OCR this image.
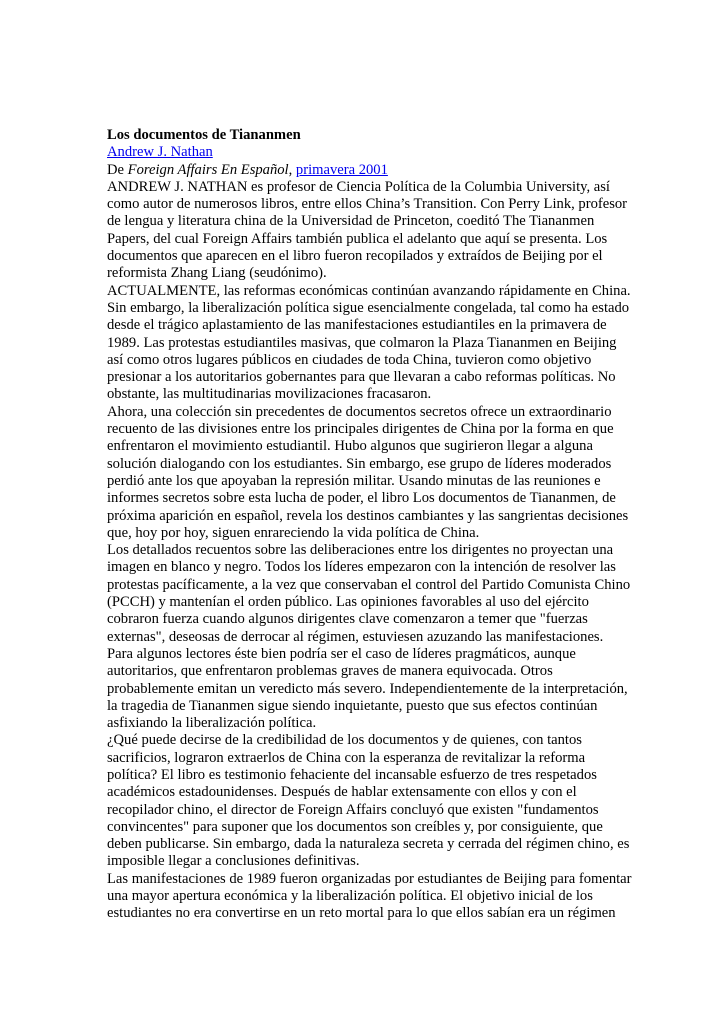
Los documentos de Tiananmen

Andrew J. Nathan

De Foreign Affairs En Español, primavera 2001

ANDREW J. NATHAN es profesor de Ciencia Política de la Columbia University, así
como autor de numerosos libros, entre ellos China’s Transition. Con Perry Link, profesor
de lengua y literatura china de la Universidad de Princeton, coeditó The Tiananmen
Papers, del cual Foreign Affairs también publica el adelanto que aquí se presenta. Los
documentos que aparecen en el libro fueron recopilados y extraídos de Beijing por el
reformista Zhang Liang (seudónimo).

ACTUALMENTE, las reformas económicas continúan avanzando rápidamente en China.
Sin embargo, la liberalización política sigue esencialmente congelada, tal como ha estado
desde el trágico aplastamiento de las manifestaciones estudiantiles en la primavera de
1989. Las protestas estudiantiles masivas, que colmaron la Plaza Tiananmen en Beijing
así como otros lugares públicos en ciudades de toda China, tuvieron como objetivo
presionar a los autoritarios gobernantes para que llevaran a cabo reformas políticas. No
obstante, las multitudinarias movilizaciones fracasaron.

Ahora, una colección sin precedentes de documentos secretos ofrece un extraordinario
recuento de las divisiones entre los principales dirigentes de China por la forma en que
enfrentaron el movimiento estudiantil. Hubo algunos que sugirieron llegar a alguna
solución dialogando con los estudiantes. Sin embargo, ese grupo de líderes moderados
perdió ante los que apoyaban la represión militar. Usando minutas de las reuniones e
informes secretos sobre esta lucha de poder, el libro Los documentos de Tiananmen, de
próxima aparición en español, revela los destinos cambiantes y las sangrientas decisiones
que, hoy por hoy, siguen enrareciendo la vida política de China.

Los detallados recuentos sobre las deliberaciones entre los dirigentes no proyectan una
imagen en blanco y negro. Todos los líderes empezaron con la intención de resolver las
protestas pacíficamente, a la vez que conservaban el control del Partido Comunista Chino
(PCCH) y mantenían el orden público. Las opiniones favorables al uso del ejército
cobraron fuerza cuando algunos dirigentes clave comenzaron a temer que "fuerzas
externas", deseosas de derrocar al régimen, estuviesen azuzando las manifestaciones.
Para algunos lectores éste bien podría ser el caso de líderes pragmáticos, aunque
autoritarios, que enfrentaron problemas graves de manera equivocada. Otros
probablemente emitan un veredicto más severo. Independientemente de la interpretación,
la tragedia de Tiananmen sigue siendo inquietante, puesto que sus efectos continúan
asfixiando la liberalización política.

¿Qué puede decirse de la credibilidad de los documentos y de quienes, con tantos
sacrificios, lograron extraerlos de China con la esperanza de revitalizar la reforma
política? El libro es testimonio fehaciente del incansable esfuerzo de tres respetados
académicos estadounidenses. Después de hablar extensamente con ellos y con el
recopilador chino, el director de Foreign Affairs concluyó que existen "fundamentos
convincentes" para suponer que los documentos son creíbles y, por consiguiente, que
deben publicarse. Sin embargo, dada la naturaleza secreta y cerrada del régimen chino, es
imposible llegar a conclusiones definitivas.

Las manifestaciones de 1989 fueron organizadas por estudiantes de Beijing para fomentar
una mayor apertura económica y la liberalización política. El objetivo inicial de los
estudiantes no era convertirse en un reto mortal para lo que ellos sabían era un régimen
